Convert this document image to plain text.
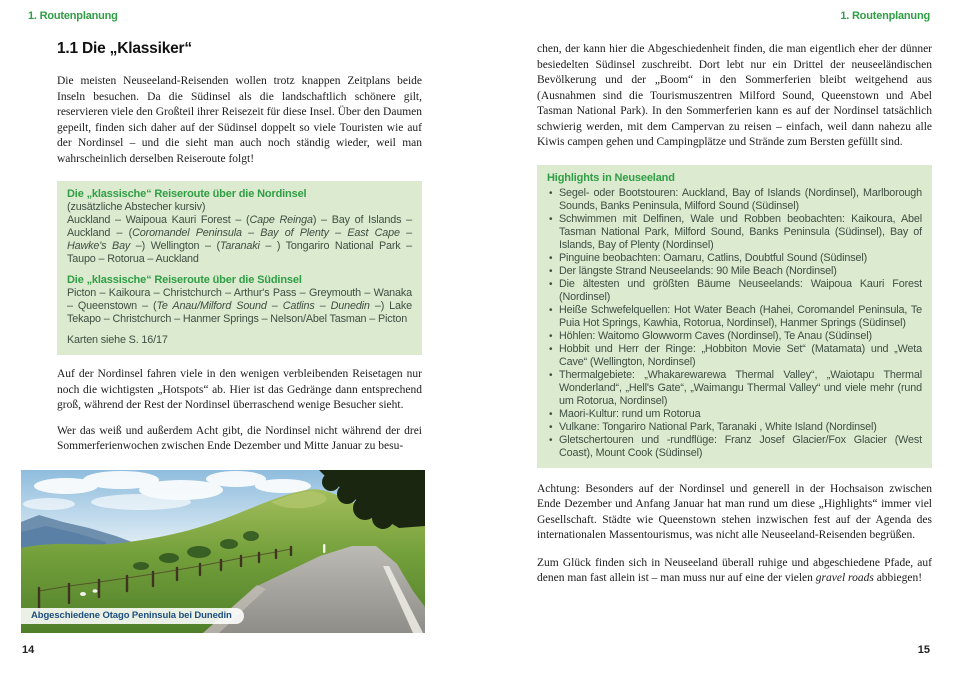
1. Routenplanung	1. Routenplanung
1.1 Die „Klassiker“

Die meisten Neuseeland-Reisenden wollen trotz knappen Zeitplans beide Inseln besuchen. Da die Südinsel als die landschaftlich schönere gilt, reservieren viele den Großteil ihrer Reisezeit für diese Insel. Über den Daumen gepeilt, finden sich daher auf der Südinsel doppelt so viele Touristen wie auf der Nordinsel – und die sieht man auch noch ständig wieder, weil man wahrscheinlich derselben Reiseroute folgt!

Die „klassische“ Reiseroute über die Nordinsel
(zusätzliche Abstecher kursiv)

Auckland – Waipoua Kauri Forest – (Cape Reinga) – Bay of Islands – Auckland – (Coromandel Peninsula – Bay of Plenty – East Cape – Hawke's Bay –) Wellington – (Taranaki – ) Tongariro National Park – Taupo – Rotorua – Auckland

Die „klassische“ Reiseroute über die Südinsel

Picton – Kaikoura – Christchurch – Arthur's Pass – Greymouth – Wanaka – Queenstown – (Te Anau/Milford Sound – Catlins – Dunedin –) Lake Tekapo – Christchurch – Hanmer Springs – Nelson/Abel Tasman – Picton

Karten siehe S. 16/17

Auf der Nordinsel fahren viele in den wenigen verbleibenden Reisetagen nur noch die wichtigsten „Hotspots“ ab. Hier ist das Gedränge dann entsprechend groß, während der Rest der Nordinsel überraschend wenige Besucher sieht.

Wer das weiß und außerdem Acht gibt, die Nordinsel nicht während der drei Sommerferienwochen zwischen Ende Dezember und Mitte Januar zu besu-

Abgeschiedene Otago Peninsula bei Dunedin
14

chen, der kann hier die Abgeschiedenheit finden, die man eigentlich eher der dünner besiedelten Südinsel zuschreibt. Dort lebt nur ein Drittel der neuseeländischen Bevölkerung und der „Boom“ in den Sommerferien bleibt weitgehend aus (Ausnahmen sind die Tourismuszentren Milford Sound, Queenstown und Abel Tasman National Park). In den Sommerferien kann es auf der Nordinsel tatsächlich schwierig werden, mit dem Campervan zu reisen – einfach, weil dann nahezu alle Kiwis campen gehen und Campingplätze und Strände zum Bersten gefüllt sind.

Highlights in Neuseeland
• Segel- oder Bootstouren: Auckland, Bay of Islands (Nordinsel), Marlborough Sounds, Banks Peninsula, Milford Sound (Südinsel)
• Schwimmen mit Delfinen, Wale und Robben beobachten: Kaikoura, Abel Tasman National Park, Milford Sound, Banks Peninsula (Südinsel), Bay of Islands, Bay of Plenty (Nordinsel)
• Pinguine beobachten: Oamaru, Catlins, Doubtful Sound (Südinsel)
• Der längste Strand Neuseelands: 90 Mile Beach (Nordinsel)
• Die ältesten und größten Bäume Neuseelands: Waipoua Kauri Forest (Nordinsel)
• Heiße Schwefelquellen: Hot Water Beach (Hahei, Coromandel Peninsula, Te Puia Hot Springs, Kawhia, Rotorua, Nordinsel), Hanmer Springs (Südinsel)
• Höhlen: Waitomo Glowworm Caves (Nordinsel), Te Anau (Südinsel)
• Hobbit und Herr der Ringe: „Hobbiton Movie Set“ (Matamata) und „Weta Cave“ (Wellington, Nordinsel)
• Thermalgebiete: „Whakarewarewa Thermal Valley“, „Waiotapu Thermal Wonderland“, „Hell's Gate“, „Waimangu Thermal Valley“ und viele mehr (rund um Rotorua, Nordinsel)
• Maori-Kultur: rund um Rotorua
• Vulkane: Tongariro National Park, Taranaki , White Island (Nordinsel)
• Gletschertouren und -rundflüge: Franz Josef Glacier/Fox Glacier (West Coast), Mount Cook (Südinsel)

Achtung: Besonders auf der Nordinsel und generell in der Hochsaison zwischen Ende Dezember und Anfang Januar hat man rund um diese „Highlights“ immer viel Gesellschaft. Städte wie Queenstown stehen inzwischen fest auf der Agenda des internationalen Massentourismus, was nicht alle Neuseeland-Reisenden begrüßen.

Zum Glück finden sich in Neuseeland überall ruhige und abgeschiedene Pfade, auf denen man fast allein ist – man muss nur auf eine der vielen gravel roads abbiegen!

15
